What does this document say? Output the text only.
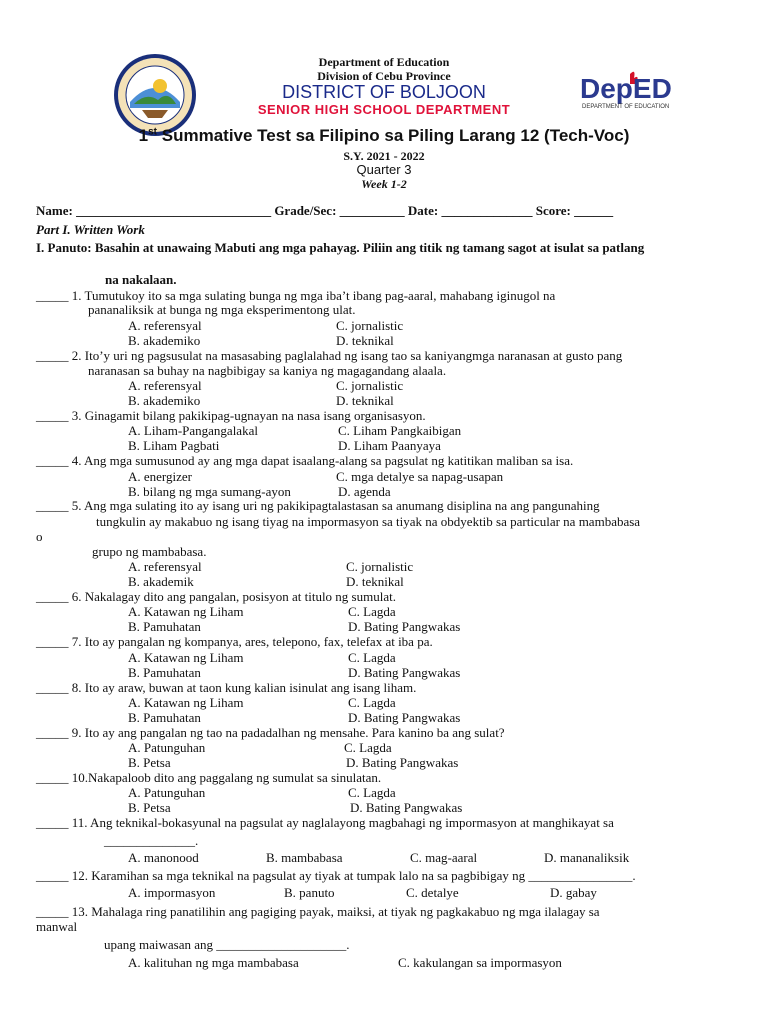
DepED
DEPARTMENT OF EDUCATION
Department of Education
Division of Cebu Province
DISTRICT OF BOLJOON
SENIOR HIGH SCHOOL DEPARTMENT
1st Summative Test sa Filipino sa Piling Larang 12 (Tech-Voc)
S.Y. 2021 - 2022
Quarter 3
Week 1-2
Name: ______________________________ Grade/Sec: __________ Date: ______________ Score: ______
Part I. Written Work
I. Panuto: Basahin at unawaing Mabuti ang mga pahayag. Piliin ang titik ng tamang sagot at isulat sa patlang
na nakalaan.
_____ 1. Tumutukoy ito sa mga sulating bunga ng mga iba’t ibang pag-aaral, mahabang iginugol na
pananaliksik at bunga ng mga eksperimentong ulat.
A. referensyal	C. jornalistic
B. akademiko	D. teknikal
_____ 2. Ito’y uri ng pagsusulat na masasabing paglalahad ng isang tao sa kaniyangmga naranasan at gusto pang
naranasan sa buhay na nagbibigay sa kaniya ng magagandang alaala.
A. referensyal	C. jornalistic
B. akademiko	D. teknikal
_____ 3. Ginagamit bilang pakikipag-ugnayan na nasa isang organisasyon.
A. Liham-Pangangalakal	C. Liham Pangkaibigan
B. Liham Pagbati	D. Liham Paanyaya
_____ 4. Ang mga sumusunod ay ang mga dapat isaalang-alang sa pagsulat ng katitikan maliban sa isa.
A. energizer	C. mga detalye sa napag-usapan
B. bilang ng mga sumang-ayon	D. agenda
_____ 5. Ang mga sulating ito ay isang uri ng pakikipagtalastasan sa anumang disiplina na ang pangunahing
tungkulin ay makabuo ng isang tiyag na impormasyon sa tiyak na obdyektib sa particular na mambabasa
o
grupo ng mambabasa.
A. referensyal	C. jornalistic
B. akademik	D. teknikal
_____ 6. Nakalagay dito ang pangalan, posisyon at titulo ng sumulat.
A. Katawan ng Liham	C. Lagda
B. Pamuhatan	D. Bating Pangwakas
_____ 7. Ito ay pangalan ng kompanya, ares, telepono, fax, telefax at iba pa.
A. Katawan ng Liham	C. Lagda
B. Pamuhatan	D. Bating Pangwakas
_____ 8. Ito ay araw, buwan at taon kung kalian isinulat ang isang liham.
A. Katawan ng Liham	C. Lagda
B. Pamuhatan	D. Bating Pangwakas
_____ 9. Ito ay ang pangalan ng tao na padadalhan ng mensahe. Para kanino ba ang sulat?
A. Patunguhan	C. Lagda
B. Petsa	D. Bating Pangwakas
_____ 10.Nakapaloob dito ang paggalang ng sumulat sa sinulatan.
A. Patunguhan	C. Lagda
B. Petsa	D. Bating Pangwakas
_____ 11. Ang teknikal-bokasyunal na pagsulat ay naglalayong magbahagi ng impormasyon at manghikayat sa
______________.
A. manonood	B. mambabasa	C. mag-aaral	D. mananaliksik
_____ 12. Karamihan sa mga teknikal na pagsulat ay tiyak at tumpak lalo na sa pagbibigay ng ________________.
A. impormasyon	B. panuto	C. detalye	D. gabay
_____ 13. Mahalaga ring panatilihin ang pagiging payak, maiksi, at tiyak ng pagkakabuo ng mga ilalagay sa
manwal
upang maiwasan ang ____________________.
A. kalituhan ng mga mambabasa	C. kakulangan sa impormasyon
